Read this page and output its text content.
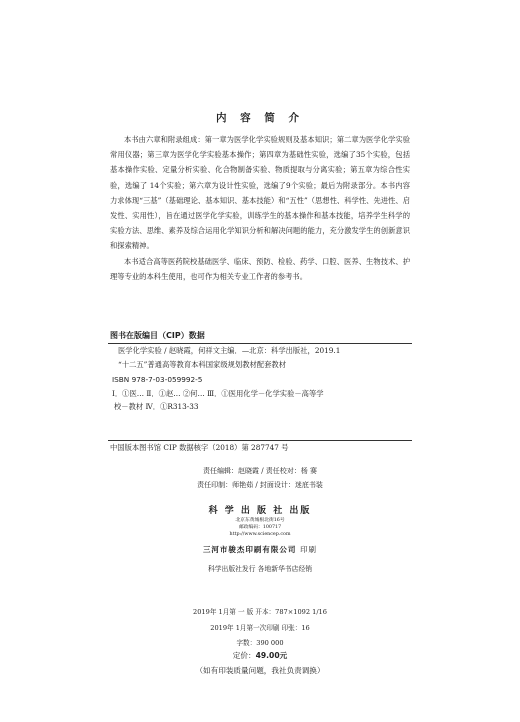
内 容 简 介

本书由六章和附录组成：第一章为医学化学实验规则及基本知识；第二章为医学化学实验常用仪器；第三章为医学化学实验基本操作；第四章为基础性实验，选编了35个实验，包括基本操作实验、定量分析实验、化合物制备实验、物质提取与分离实验；第五章为综合性实验，选编了 14个实验；第六章为设计性实验，选编了9个实验；最后为附录部分。本书内容力求体现“三基”（基础理论、基本知识、基本技能）和“五性”（思想性、科学性、先进性、启发性、实用性），旨在通过医学化学实验，训练学生的基本操作和基本技能，培养学生科学的实验方法、思维、素养及综合运用化学知识分析和解决问题的能力，充分激发学生的创新意识和探索精神。

本书适合高等医药院校基础医学、临床、预防、检验、药学、口腔、医养、生物技术、护理等专业的本科生使用，也可作为相关专业工作者的参考书。

图书在版编目（CIP）数据
医学化学实验 / 赵晓霞，何祥文主编．—北京：科学出版社，2019.1
“十二五”普通高等教育本科国家级规划教材配套教材
ISBN 978-7-03-059992-5
Ⅰ．①医… Ⅱ．①赵… ②何… Ⅲ．①医用化学－化学实验－高等学
校－教材 Ⅳ．①R313-33
中国版本图书馆 CIP 数据核字（2018）第 287747 号
责任编辑：赵晓霞 / 责任校对：杨 赛
责任印制：师艳茹 / 封面设计：迷底书装
科 学 出 版 社 出版
北京东黄城根北街16号
邮政编码：100717
http://www.sciencep.com
三河市骏杰印刷有限公司 印刷
科学出版社发行 各地新华书店经销
2019年 1月第 一 版 开本：787×1092 1/16
2019年 1月第一次印刷 印张：16
字数：390 000
定价：49.00元
（如有印装质量问题，我社负责调换）
